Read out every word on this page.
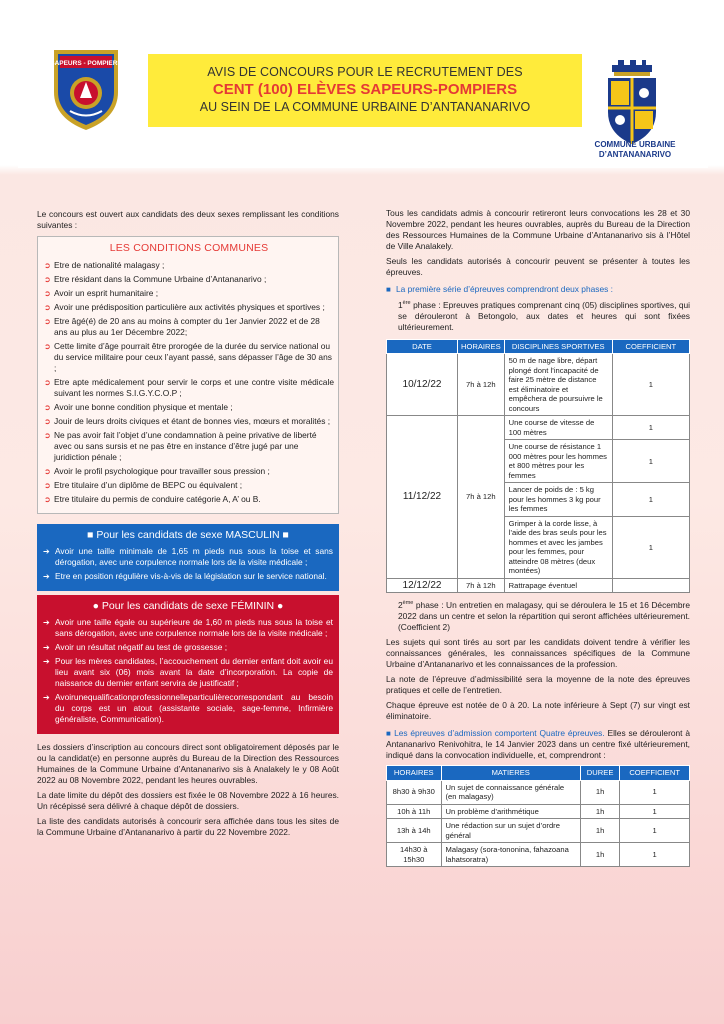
SAPEURS - POMPIERS
AVIS DE CONCOURS POUR LE RECRUTEMENT DES
CENT (100) ELÈVES SAPEURS-POMPIERS
AU SEIN DE LA COMMUNE URBAINE D’ANTANANARIVO
COMMUNE URBAINE
D’ANTANANARIVO

Le concours est ouvert aux candidats des deux sexes remplissant les conditions suivantes :

LES CONDITIONS COMMUNES
➲ Etre de nationalité malagasy ;
➲ Etre résidant dans la Commune Urbaine d’Antananarivo ;
➲ Avoir un esprit humanitaire ;
➲ Avoir une prédisposition particulière aux activités physiques et sportives ;
➲ Etre âgé(é) de 20 ans au moins à compter du 1er Janvier 2022 et de 28 ans au plus au 1er Décembre 2022;
➲ Cette limite d’âge pourrait être prorogée de la durée du service national ou du service militaire pour ceux l’ayant passé, sans dépasser l’âge de 30 ans ;
➲ Etre apte médicalement pour servir le corps et une contre visite médicale suivant les normes S.I.G.Y.C.O.P ;
➲ Avoir une bonne condition physique et mentale ;
➲ Jouir de leurs droits civiques et étant de bonnes vies, mœurs et moralités ;
➲ Ne pas avoir fait l’objet d’une condamnation à peine privative de liberté avec ou sans sursis et ne pas être en instance d’être jugé par une juridiction pénale ;
➲ Avoir le profil psychologique pour travailler sous pression ;
➲ Etre titulaire d’un diplôme de BEPC ou équivalent ;
➲ Etre titulaire du permis de conduire catégorie A, A’ ou B.
■ Pour les candidats de sexe MASCULIN ■
➔ Avoir une taille minimale de 1,65 m pieds nus sous la toise et sans dérogation, avec une corpulence normale lors de la visite médicale ;
➔ Etre en position régulière vis-à-vis de la législation sur le service national.
● Pour les candidats de sexe FÉMININ ●
➔ Avoir une taille égale ou supérieure de 1,60 m pieds nus sous la toise et sans dérogation, avec une corpulence normale lors de la visite médicale ;
➔ Avoir un résultat négatif au test de grossesse ;
➔ Pour les mères candidates, l’accouchement du dernier enfant doit avoir eu lieu avant six (06) mois avant la date d’incorporation. La copie de naissance du dernier enfant servira de justificatif ;
➔ Avoirunequalificationprofessionnelleparticulièrecorrespondant au besoin du corps est un atout (assistante sociale, sage-femme, Infirmière généraliste, Communication).

Les dossiers d’inscription au concours direct sont obligatoirement déposés par le ou la candidat(e) en personne auprès du Bureau de la Direction des Ressources Humaines de la Commune Urbaine d’Antananarivo sis à Analakely le y 08 Août 2022 au 08 Novembre 2022, pendant les heures ouvrables.

La date limite du dépôt des dossiers est fixée le 08 Novembre 2022 à 16 heures. Un récépissé sera délivré à chaque dépôt de dossiers.

La liste des candidats autorisés à concourir sera affichée dans tous les sites de la Commune Urbaine d’Antananarivo à partir du 22 Novembre 2022.

Tous les candidats admis à concourir retireront leurs convocations les 28 et 30 Novembre 2022, pendant les heures ouvrables, auprès du Bureau de la Direction des Ressources Humaines de la Commune Urbaine d’Antananarivo sis à l’Hôtel de Ville Analakely.

Seuls les candidats autorisés à concourir peuvent se présenter à toutes les épreuves.

■ La première série d’épreuves comprendront deux phases :

1ère phase : Epreuves pratiques comprenant cinq (05) disciplines sportives, qui se dérouleront à Betongolo, aux dates et heures qui sont fixées ultérieurement.

DATE	HORAIRES	DISCIPLINES SPORTIVES	COEFFICIENT
10/12/22	7h à 12h	50 m de nage libre, départ plongé dont l’incapacité de faire 25 mètre de distance est éliminatoire et empêchera de poursuivre le concours	1
11/12/22	7h à 12h	Une course de vitesse de 100 mètres	1
		Une course de résistance 1 000 mètres pour les hommes et 800 mètres pour les femmes	1
		Lancer de poids de : 5 kg pour les hommes 3 kg pour les femmes	1
		Grimper à la corde lisse, à l’aide des bras seuls pour les hommes et avec les jambes pour les femmes, pour atteindre 08 mètres (deux montées)	1
12/12/22	7h à 12h	Rattrapage éventuel	

2ème phase : Un entretien en malagasy, qui se déroulera le 15 et 16 Décembre 2022 dans un centre et selon la répartition qui seront affichées ultérieurement. (Coefficient 2)

Les sujets qui sont tirés au sort par les candidats doivent tendre à vérifier les connaissances générales, les connaissances spécifiques de la Commune Urbaine d’Antananarivo et les connaissances de la profession.

La note de l’épreuve d’admissibilité sera la moyenne de la note des épreuves pratiques et celle de l’entretien.

Chaque épreuve est notée de 0 à 20. La note inférieure à Sept (7) sur vingt est éliminatoire.

■ Les épreuves d’admission comportent Quatre épreuves. Elles se dérouleront à Antananarivo Renivohitra, le 14 Janvier 2023 dans un centre fixé ultérieurement, indiqué dans la convocation individuelle, et, comprendront :

HORAIRES	MATIERES	DUREE	COEFFICIENT
8h30 à 9h30	Un sujet de connaissance générale (en malagasy)	1h	1
10h à 11h	Un problème d’arithmétique	1h	1
13h à 14h	Une rédaction sur un sujet d’ordre général	1h	1
14h30 à 15h30	Malagasy (sora-tononina, fahazoana lahatsoratra)	1h	1
